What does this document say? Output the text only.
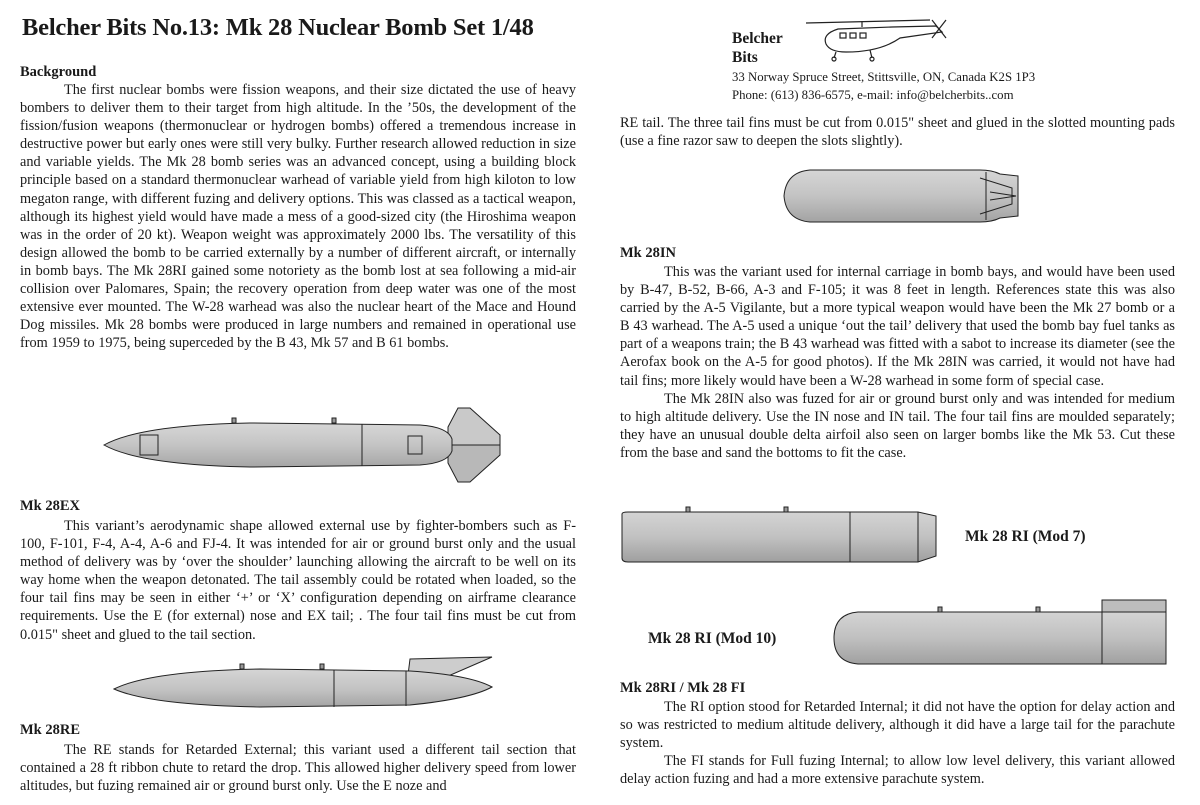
Belcher Bits No.13: Mk 28 Nuclear Bomb Set 1/48	Belcher
Bits
33 Norway Spruce Street, Stittsville, ON, Canada K2S 1P3
Phone: (613) 836-6575, e-mail: info@belcherbits..com
Background

The first nuclear bombs were fission weapons, and their size dictated the use of heavy bombers to deliver them to their target from high altitude. In the ’50s, the development of the fission/fusion weapons (thermonuclear or hydrogen bombs) offered a tremendous increase in destructive power but early ones were still very bulky. Further research allowed reduction in size and variable yields. The Mk 28 bomb series was an advanced concept, using a building block principle based on a standard thermonuclear warhead of variable yield from high kiloton to low megaton range, with different fuzing and delivery options. This was classed as a tactical weapon, although its highest yield would have made a mess of a good-sized city (the Hiroshima weapon was in the order of 20 kt). Weapon weight was approximately 2000 lbs. The versatility of this design allowed the bomb to be carried externally by a number of different aircraft, or internally in bomb bays. The Mk 28RI gained some notoriety as the bomb lost at sea following a mid-air collision over Palomares, Spain; the recovery operation from deep water was one of the most extensive ever mounted. The W-28 warhead was also the nuclear heart of the Mace and Hound Dog missiles. Mk 28 bombs were produced in large numbers and remained in operational use from 1959 to 1975, being superceded by the B 43, Mk 57 and B 61 bombs.

Mk 28EX

This variant’s aerodynamic shape allowed external use by fighter-bombers such as F-100, F-101, F-4, A-4, A-6 and FJ-4. It was intended for air or ground burst only and the usual method of delivery was by ‘over the shoulder’ launching allowing the aircraft to be well on its way home when the weapon detonated. The tail assembly could be rotated when loaded, so the four tail fins may be seen in either ‘+’ or ‘X’ configuration depending on airframe clearance requirements. Use the E (for external) nose and EX tail; . The four tail fins must be cut from 0.015" sheet and glued to the tail section.

Mk 28RE

The RE stands for Retarded External; this variant used a different tail section that contained a 28 ft ribbon chute to retard the drop. This allowed higher delivery speed from lower altitudes, but fuzing remained air or ground burst only. Use the E noze and

RE tail. The three tail fins must be cut from 0.015" sheet and glued in the slotted mounting pads (use a fine razor saw to deepen the slots slightly).

Mk 28IN

This was the variant used for internal carriage in bomb bays, and would have been used by B-47, B-52, B-66, A-3 and F-105; it was 8 feet in length. References state this was also carried by the A-5 Vigilante, but a more typical weapon would have been the Mk 27 bomb or a B 43 warhead. The A-5 used a unique ‘out the tail’ delivery that used the bomb bay fuel tanks as part of a weapons train; the B 43 warhead was fitted with a sabot to increase its diameter (see the Aerofax book on the A-5 for good photos). If the Mk 28IN was carried, it would not have had tail fins; more likely would have been a W-28 warhead in some form of special case.

The Mk 28IN also was fuzed for air or ground burst only and was intended for medium to high altitude delivery. Use the IN nose and IN tail. The four tail fins are moulded separately; they have an unusual double delta airfoil also seen on larger bombs like the Mk 53. Cut these from the base and sand the bottoms to fit the case.

Mk 28 RI (Mod 7)
Mk 28 RI (Mod 10)
Mk 28RI / Mk 28 FI

The RI option stood for Retarded Internal; it did not have the option for delay action and so was restricted to medium altitude delivery, although it did have a large tail for the parachute system.

The FI stands for Full fuzing Internal; to allow low level delivery, this variant allowed delay action fuzing and had a more extensive parachute system.
